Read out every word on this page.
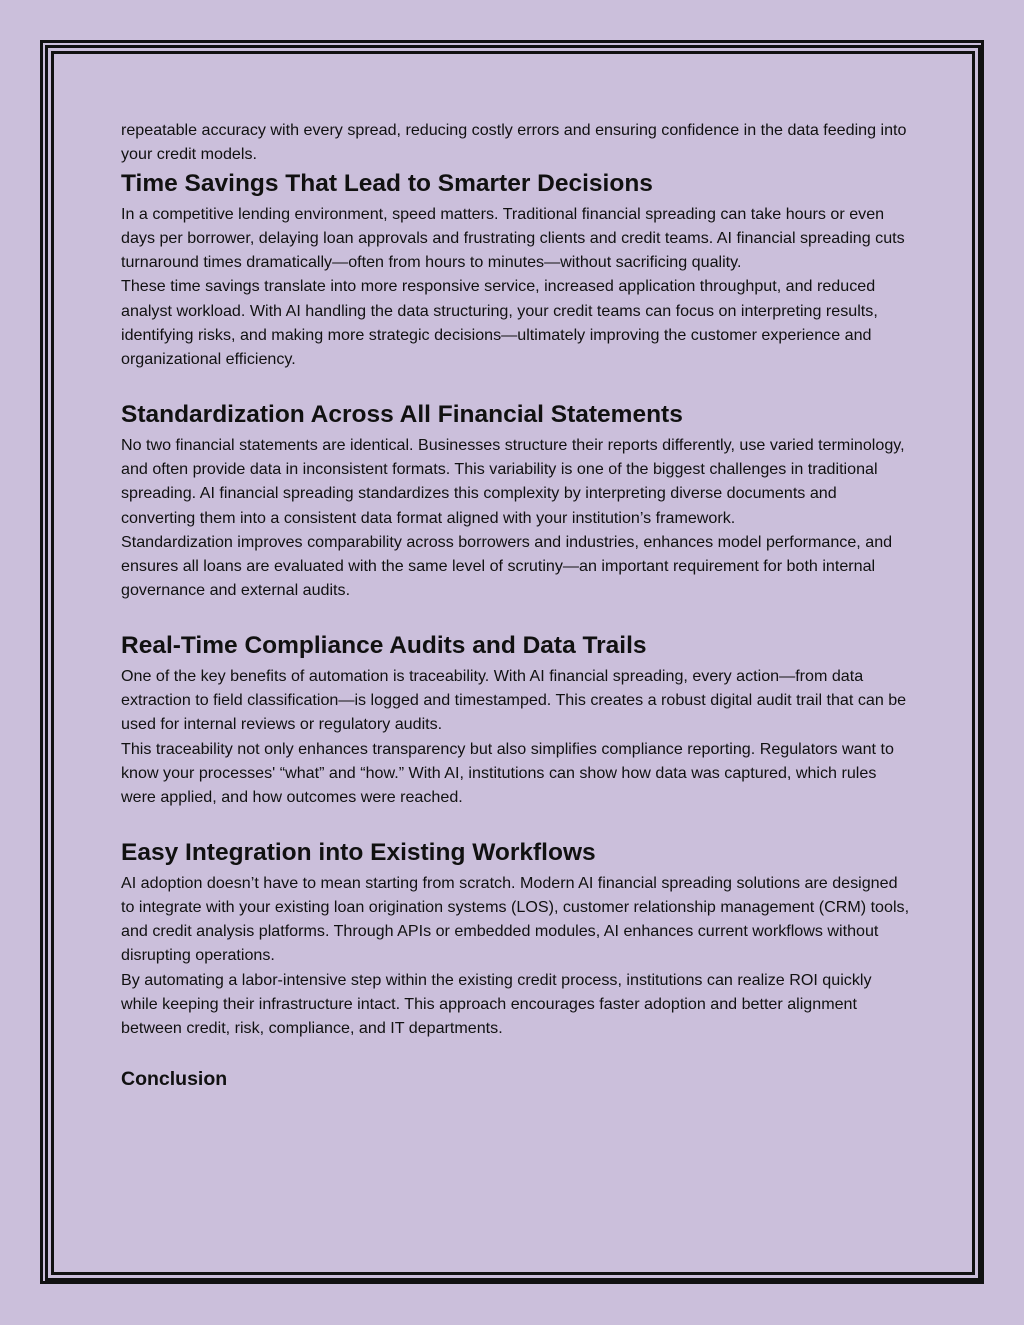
repeatable accuracy with every spread, reducing costly errors and ensuring confidence in the data feeding into your credit models.

Time Savings That Lead to Smarter Decisions

In a competitive lending environment, speed matters. Traditional financial spreading can take hours or even days per borrower, delaying loan approvals and frustrating clients and credit teams. AI financial spreading cuts turnaround times dramatically—often from hours to minutes—without sacrificing quality.

These time savings translate into more responsive service, increased application throughput, and reduced analyst workload. With AI handling the data structuring, your credit teams can focus on interpreting results, identifying risks, and making more strategic decisions—ultimately improving the customer experience and organizational efficiency.

Standardization Across All Financial Statements

No two financial statements are identical. Businesses structure their reports differently, use varied terminology, and often provide data in inconsistent formats. This variability is one of the biggest challenges in traditional spreading. AI financial spreading standardizes this complexity by interpreting diverse documents and converting them into a consistent data format aligned with your institution’s framework.

Standardization improves comparability across borrowers and industries, enhances model performance, and ensures all loans are evaluated with the same level of scrutiny—an important requirement for both internal governance and external audits.

Real-Time Compliance Audits and Data Trails

One of the key benefits of automation is traceability. With AI financial spreading, every action—from data extraction to field classification—is logged and timestamped. This creates a robust digital audit trail that can be used for internal reviews or regulatory audits.

This traceability not only enhances transparency but also simplifies compliance reporting. Regulators want to know your processes' “what” and “how.” With AI, institutions can show how data was captured, which rules were applied, and how outcomes were reached.

Easy Integration into Existing Workflows

AI adoption doesn’t have to mean starting from scratch. Modern AI financial spreading solutions are designed to integrate with your existing loan origination systems (LOS), customer relationship management (CRM) tools, and credit analysis platforms. Through APIs or embedded modules, AI enhances current workflows without disrupting operations.

By automating a labor-intensive step within the existing credit process, institutions can realize ROI quickly while keeping their infrastructure intact. This approach encourages faster adoption and better alignment between credit, risk, compliance, and IT departments.

Conclusion
